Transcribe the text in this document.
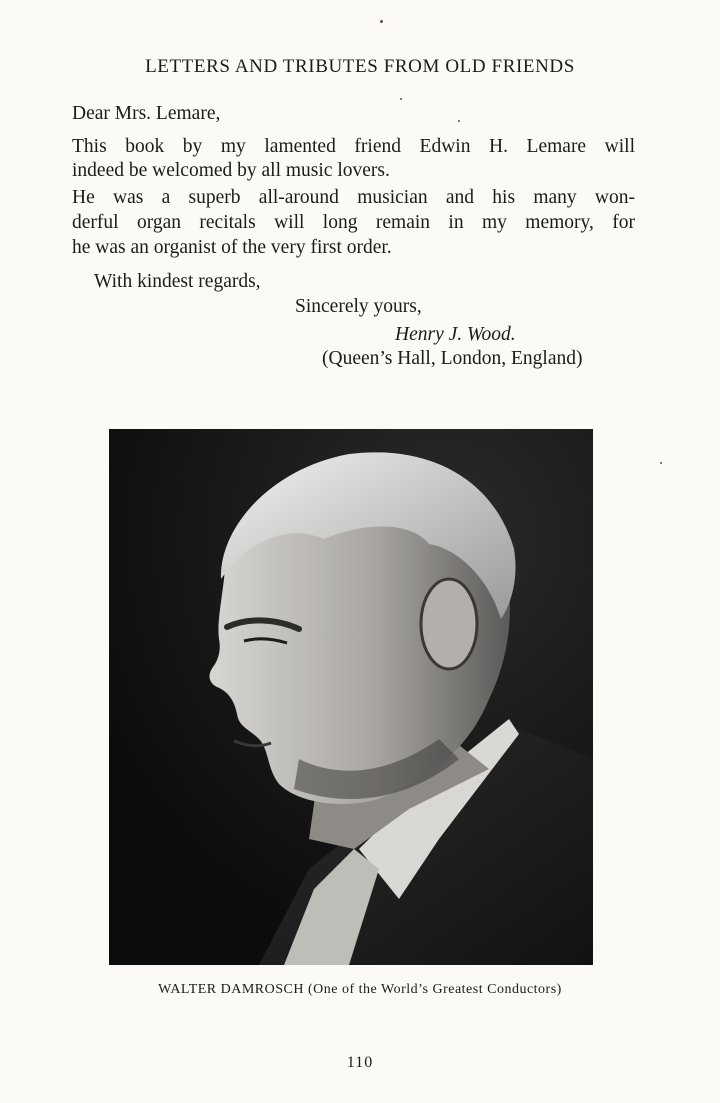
LETTERS AND TRIBUTES FROM OLD FRIENDS
Dear Mrs. Lemare,
This book by my lamented friend Edwin H. Lemare will
indeed be welcomed by all music lovers.
He was a superb all-around musician and his many won-
derful organ recitals will long remain in my memory, for
he was an organist of the very first order.
With kindest regards,
Sincerely yours,
Henry J. Wood.
(Queen’s Hall, London, England)
WALTER DAMROSCH (One of the World’s Greatest Conductors)
110
